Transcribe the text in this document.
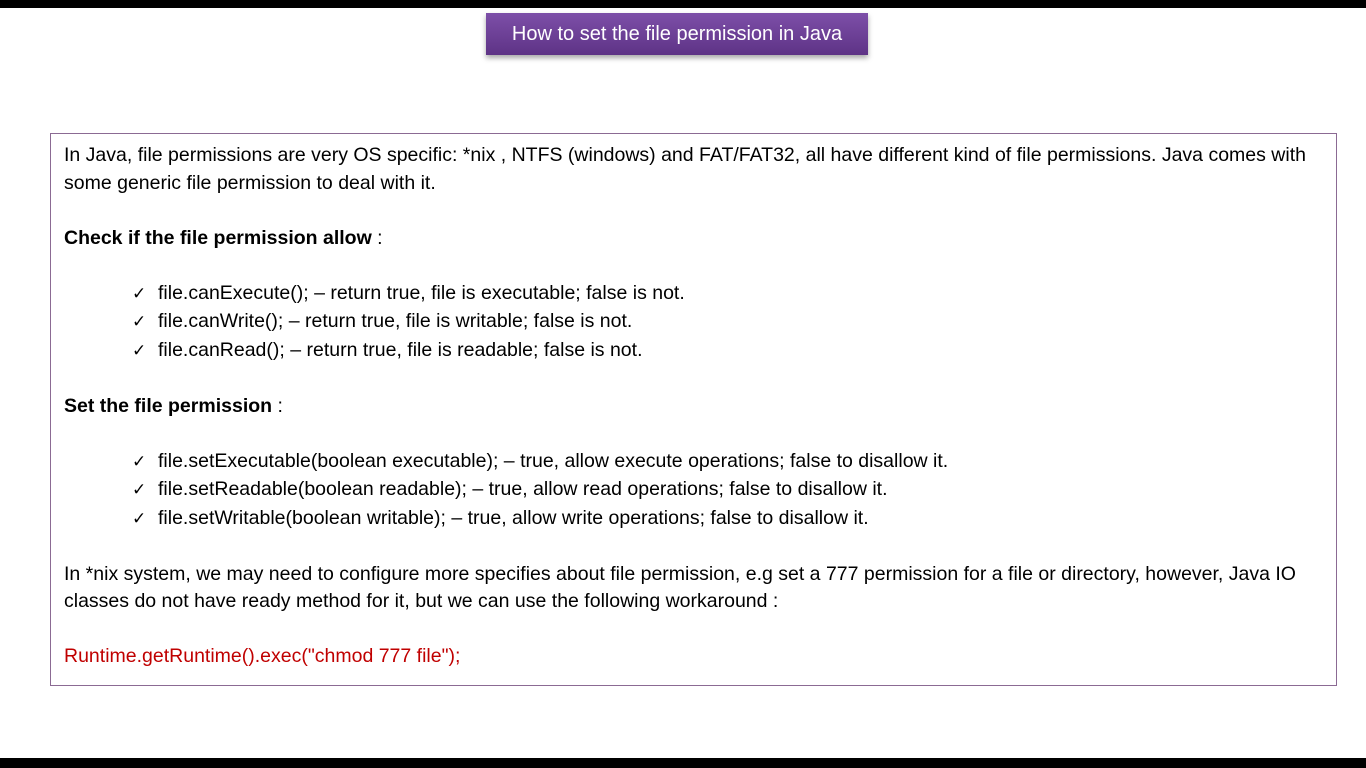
How to set the file permission in Java

In Java, file permissions are very OS specific: *nix , NTFS (windows) and FAT/FAT32, all have different kind of file permissions. Java comes with some generic file permission to deal with it.

Check if the file permission allow :

✓ file.canExecute(); – return true, file is executable; false is not.
✓ file.canWrite(); – return true, file is writable; false is not.
✓ file.canRead(); – return true, file is readable; false is not.

Set the file permission :

✓ file.setExecutable(boolean executable); – true, allow execute operations; false to disallow it.
✓ file.setReadable(boolean readable); – true, allow read operations; false to disallow it.
✓ file.setWritable(boolean writable); – true, allow write operations; false to disallow it.

In *nix system, we may need to configure more specifies about file permission, e.g set a 777 permission for a file or directory, however, Java IO classes do not have ready method for it, but we can use the following workaround :

Runtime.getRuntime().exec("chmod 777 file");
